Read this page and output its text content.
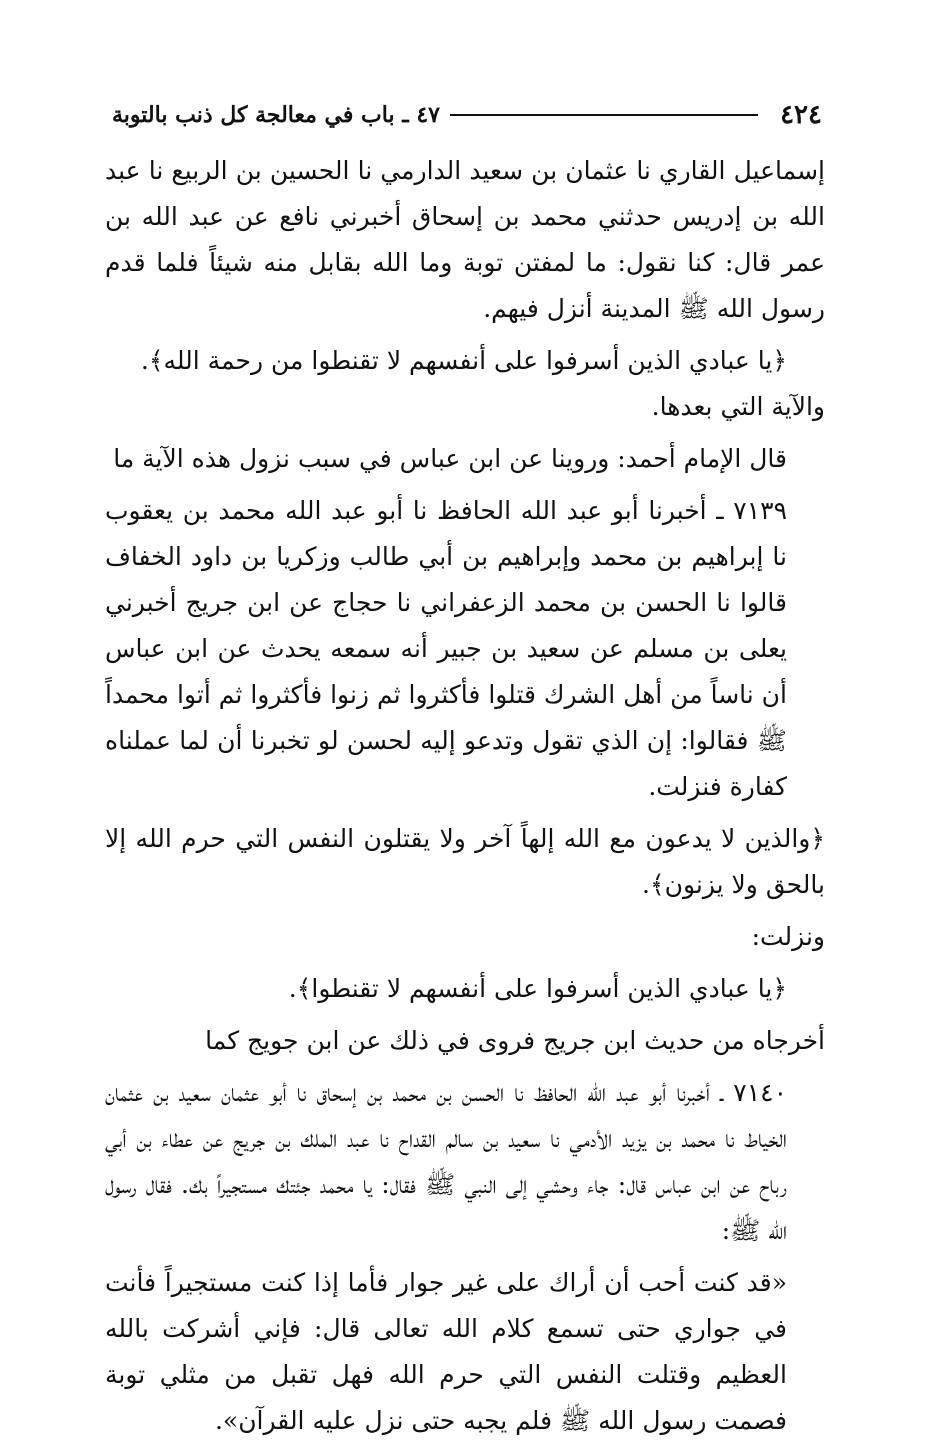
٤٢٤
٤٧ ـ باب في معالجة كل ذنب بالتوبة

إسماعيل القاري نا عثمان بن سعيد الدارمي نا الحسين بن الربيع نا عبد الله بن إدريس حدثني محمد بن إسحاق أخبرني نافع عن عبد الله بن عمر قال: كنا نقول: ما لمفتن توبة وما الله بقابل منه شيئاً فلما قدم رسول الله ﷺ المدينة أنزل فيهم.

﴿يا عبادي الذين أسرفوا على أنفسهم لا تقنطوا من رحمة الله﴾.

والآية التي بعدها.

قال الإمام أحمد: وروينا عن ابن عباس في سبب نزول هذه الآية ما

٧١٣٩ ـ أخبرنا أبو عبد الله الحافظ نا أبو عبد الله محمد بن يعقوب نا إبراهيم بن محمد وإبراهيم بن أبي طالب وزكريا بن داود الخفاف قالوا نا الحسن بن محمد الزعفراني نا حجاج عن ابن جريج أخبرني يعلى بن مسلم عن سعيد بن جبير أنه سمعه يحدث عن ابن عباس أن ناساً من أهل الشرك قتلوا فأكثروا ثم زنوا فأكثروا ثم أتوا محمداً ﷺ فقالوا: إن الذي تقول وتدعو إليه لحسن لو تخبرنا أن لما عملناه كفارة فنزلت.

﴿والذين لا يدعون مع الله إلهاً آخر ولا يقتلون النفس التي حرم الله إلا بالحق ولا يزنون﴾.

ونزلت:

﴿يا عبادي الذين أسرفوا على أنفسهم لا تقنطوا﴾.

أخرجاه من حديث ابن جريج فروى في ذلك عن ابن جويج كما

٧١٤٠ ـ أخبرنا أبو عبد الله الحافظ نا الحسن بن محمد بن إسحاق نا أبو عثمان سعيد بن عثمان الخياط نا محمد بن يزيد الأدمي نا سعيد بن سالم القداح نا عبد الملك بن جريج عن عطاء بن أبي رباح عن ابن عباس قال: جاء وحشي إلى النبي ﷺ فقال: يا محمد جئتك مستجيراً بك. فقال رسول الله ﷺ:

«قد كنت أحب أن أراك على غير جوار فأما إذا كنت مستجيراً فأنت في جواري حتى تسمع كلام الله تعالى قال: فإني أشركت بالله العظيم وقتلت النفس التي حرم الله فهل تقبل من مثلي توبة فصمت رسول الله ﷺ فلم يجبه حتى نزل عليه القرآن».
